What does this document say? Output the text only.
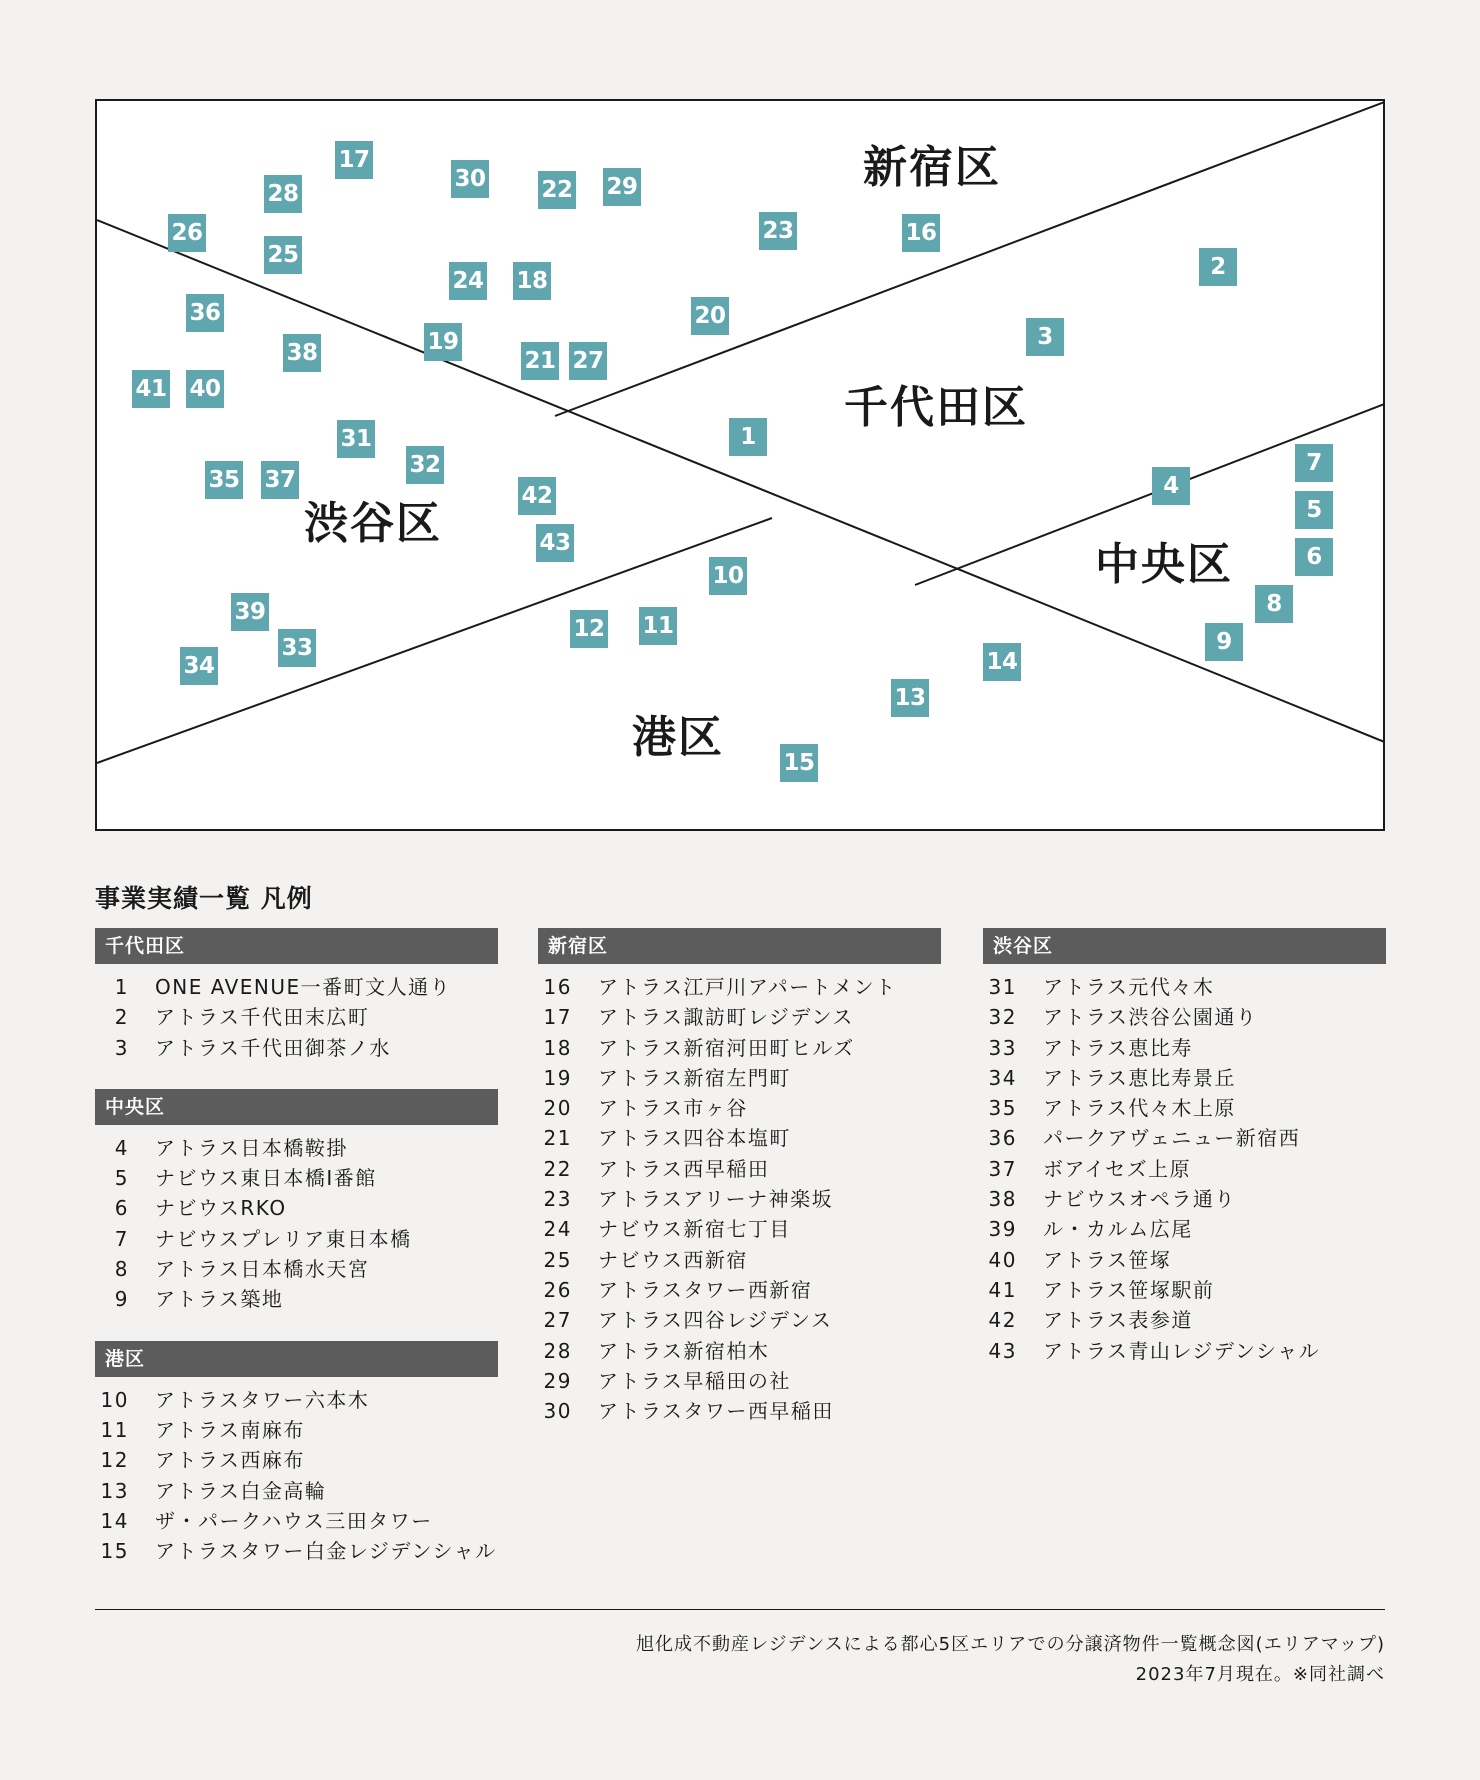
新宿区
千代田区
中央区
渋谷区
港区
1
2
3
4
5
6
7
8
9
10
11
12
13
14
15
16
17
18
19
20
21
22
23
24
25
26
27
28	29
30
31
32
33
34
35
36
37
38
39
40
41
42
43
事業実績一覧 凡例
千代田区
1 ONE AVENUE一番町文人通り
2 アトラス千代田末広町
3 アトラス千代田御茶ノ水
中央区
4 アトラス日本橋鞍掛
5 ナビウス東日本橋Ⅰ番館
6 ナビウスRKO
7 ナビウスプレリア東日本橋
8 アトラス日本橋水天宮
9 アトラス築地
港区
10 アトラスタワー六本木
11 アトラス南麻布
12 アトラス西麻布
13 アトラス白金高輪
14 ザ・パークハウス三田タワー
15 アトラスタワー白金レジデンシャル
新宿区
16 アトラス江戸川アパートメント
17 アトラス諏訪町レジデンス
18 アトラス新宿河田町ヒルズ
19 アトラス新宿左門町
20 アトラス市ヶ谷
21 アトラス四谷本塩町
22 アトラス西早稲田
23 アトラスアリーナ神楽坂
24 ナビウス新宿七丁目
25 ナビウス西新宿
26 アトラスタワー西新宿
27 アトラス四谷レジデンス
28 アトラス新宿柏木
29 アトラス早稲田の社
30 アトラスタワー西早稲田
渋谷区
31 アトラス元代々木
32 アトラス渋谷公園通り
33 アトラス恵比寿
34 アトラス恵比寿景丘
35 アトラス代々木上原
36 パークアヴェニュー新宿西
37 ボアイセズ上原
38 ナビウスオペラ通り
39 ル・カルム広尾
40 アトラス笹塚
41 アトラス笹塚駅前
42 アトラス表参道
43 アトラス青山レジデンシャル
旭化成不動産レジデンスによる都心5区エリアでの分譲済物件一覧概念図(エリアマップ)
2023年7月現在。※同社調べ
